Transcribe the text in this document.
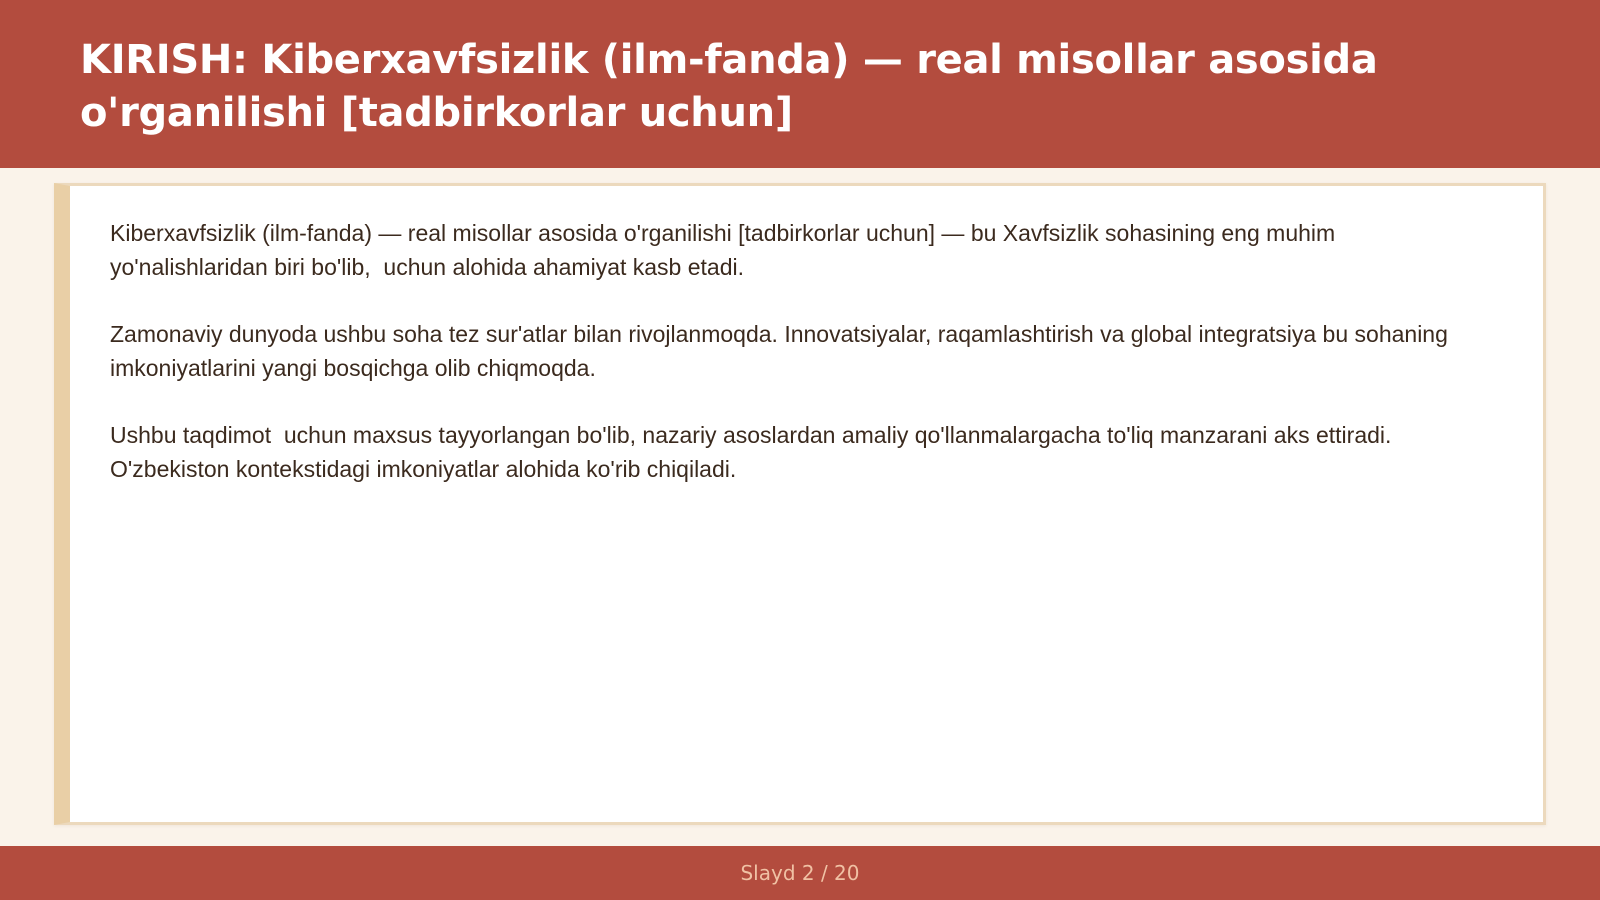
KIRISH: Kiberxavfsizlik (ilm-fanda) — real misollar asosida
o'rganilishi [tadbirkorlar uchun]

Kiberxavfsizlik (ilm-fanda) — real misollar asosida o'rganilishi [tadbirkorlar uchun] — bu Xavfsizlik sohasining eng muhim yo'nalishlaridan biri bo'lib,  uchun alohida ahamiyat kasb etadi.

Zamonaviy dunyoda ushbu soha tez sur'atlar bilan rivojlanmoqda. Innovatsiyalar, raqamlashtirish va global integratsiya bu sohaning imkoniyatlarini yangi bosqichga olib chiqmoqda.

Ushbu taqdimot  uchun maxsus tayyorlangan bo'lib, nazariy asoslardan amaliy qo'llanmalargacha to'liq manzarani aks ettiradi. O'zbekiston kontekstidagi imkoniyatlar alohida ko'rib chiqiladi.

Slayd 2 / 20
